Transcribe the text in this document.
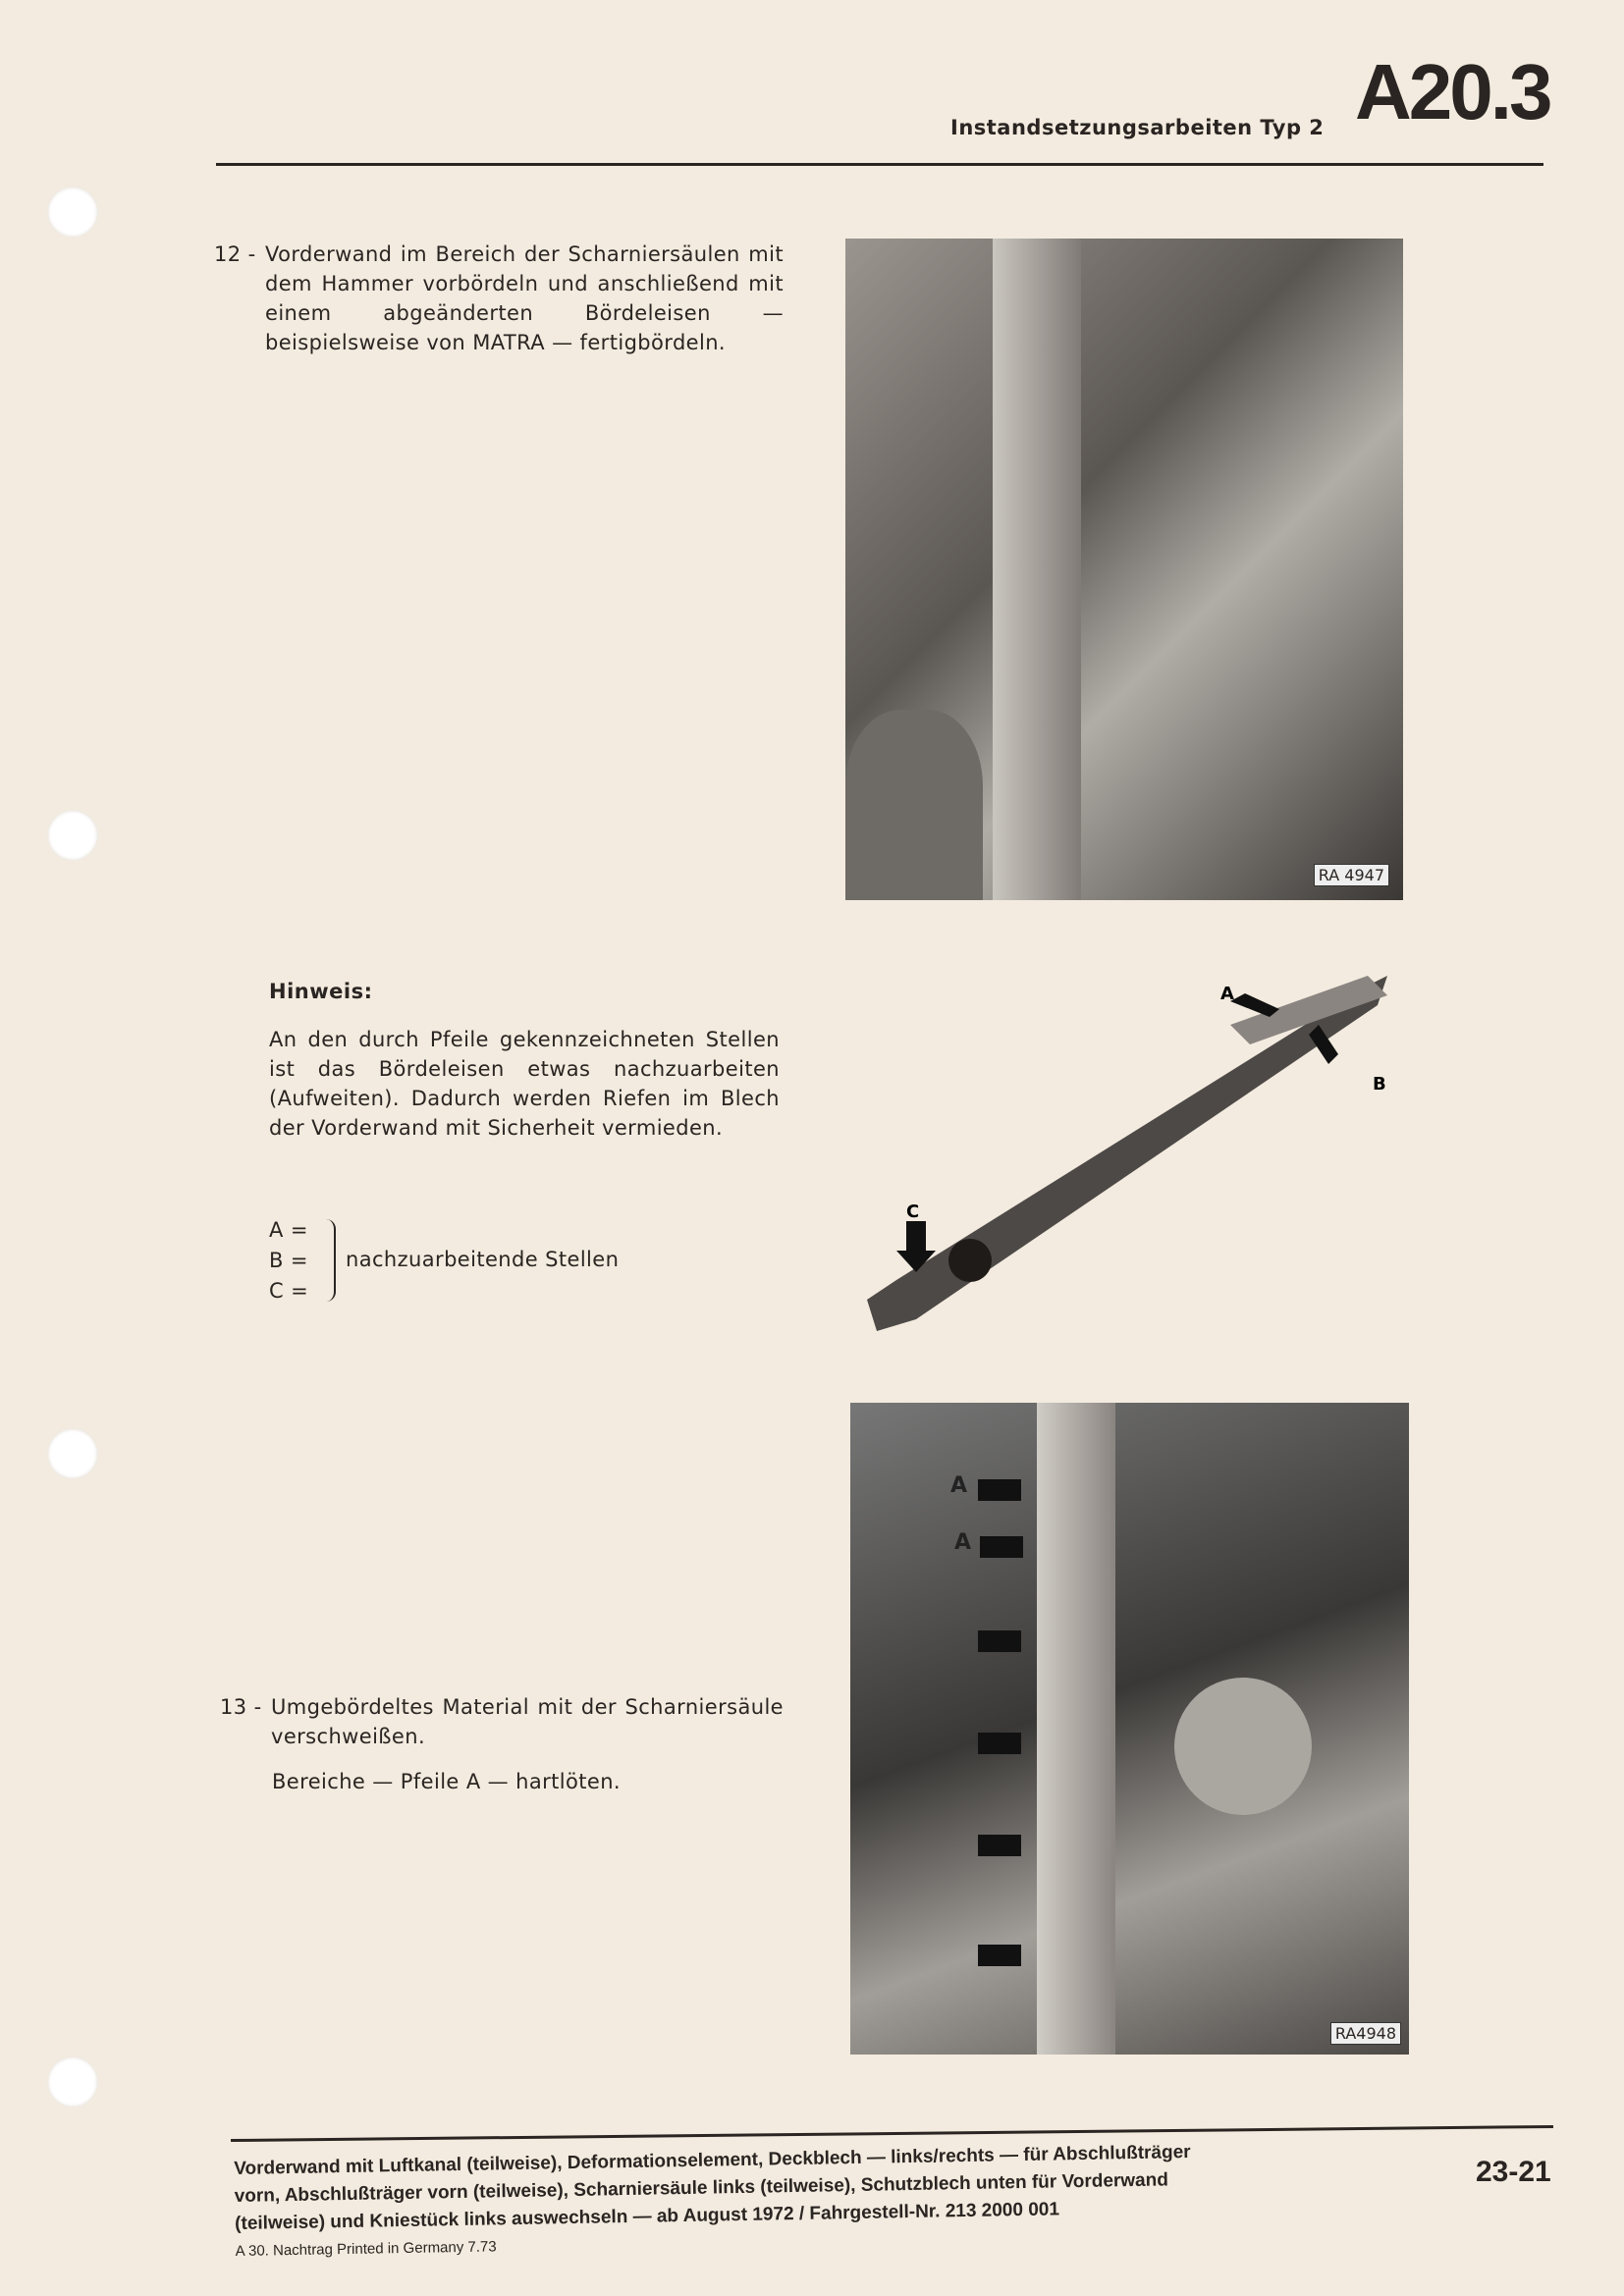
Instandsetzungsarbeiten Typ 2 A20.3
12 - Vorderwand im Bereich der Scharniersäulen mit dem Hammer vorbördeln und anschließend mit einem abgeänderten Bördeleisen — beispielsweise von MATRA — fertigbördeln.
RA 4947
Hinweis:
An den durch Pfeile gekennzeichneten Stellen ist das Bördeleisen etwas nachzuarbeiten (Aufweiten). Dadurch werden Riefen im Blech der Vorderwand mit Sicherheit vermieden.
A =
B =
C =
nachzuarbeitende Stellen
A
B
C
A
A
RA4948
13 - Umgebördeltes Material mit der Scharniersäule verschweißen.
Bereiche — Pfeile A — hartlöten.
Vorderwand mit Luftkanal (teilweise), Deformationselement, Deckblech — links/rechts — für Abschlußträger
vorn, Abschlußträger vorn (teilweise), Scharniersäule links (teilweise), Schutzblech unten für Vorderwand
(teilweise) und Kniestück links auswechseln — ab August 1972 / Fahrgestell-Nr. 213 2000 001
A 30. Nachtrag Printed in Germany 7.73
23-21
